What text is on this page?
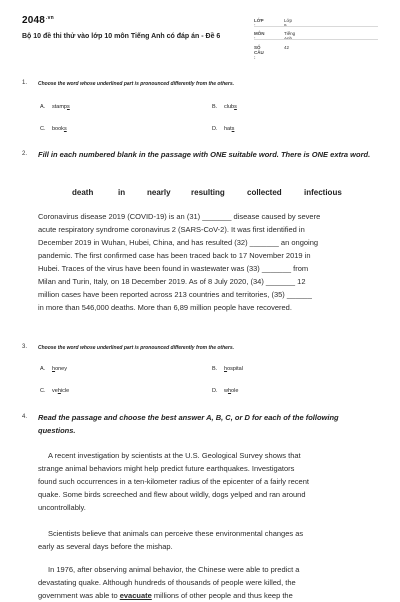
$2048^{.vn}$
Bộ 10 đề thi thử vào lớp 10 môn Tiếng Anh có đáp án - Đề 6
LỚP :
Lớp 9
MÔN :
Tiếng Anh
SỐ CÂU :
42
1. Choose the word whose underlined part is pronounced differently from the others.
A. stamps	B. clubs
C. books	D. hats
2. Fill in each numbered blank in the passage with ONE suitable word. There is ONE extra word.
death	in	nearly	resulting	collected	infectious
Coronavirus disease 2019 (COVID-19) is an (31) _______ disease caused by severe
acute respiratory syndrome coronavirus 2 (SARS-CoV-2). It was first identified in
December 2019 in Wuhan, Hubei, China, and has resulted (32) _______ an ongoing
pandemic. The first confirmed case has been traced back to 17 November 2019 in
Hubei. Traces of the virus have been found in wastewater was (33) _______ from
Milan and Turin, Italy, on 18 December 2019. As of 8 July 2020, (34) _______ 12
million cases have been reported across 213 countries and territories, (35) ______
in more than 546,000 deaths. More than 6,89 million people have recovered.
3. Choose the word whose underlined part is pronounced differently from the others.
A. honey	B. hospital
C. vehicle	D. whole
4. Read the passage and choose the best answer A, B, C, or D for each of the following questions.
A recent investigation by scientists at the U.S. Geological Survey shows that
strange animal behaviors might help predict future earthquakes. Investigators
found such occurrences in a ten-kilometer radius of the epicenter of a fairly recent
quake. Some birds screeched and flew about wildly, dogs yelped and ran around
uncontrollably.
Scientists believe that animals can perceive these environmental changes as
early as several days before the mishap.
In 1976, after observing animal behavior, the Chinese were able to predict a
devastating quake. Although hundreds of thousands of people were killed, the
government was able to evacuate millions of other people and thus keep the
